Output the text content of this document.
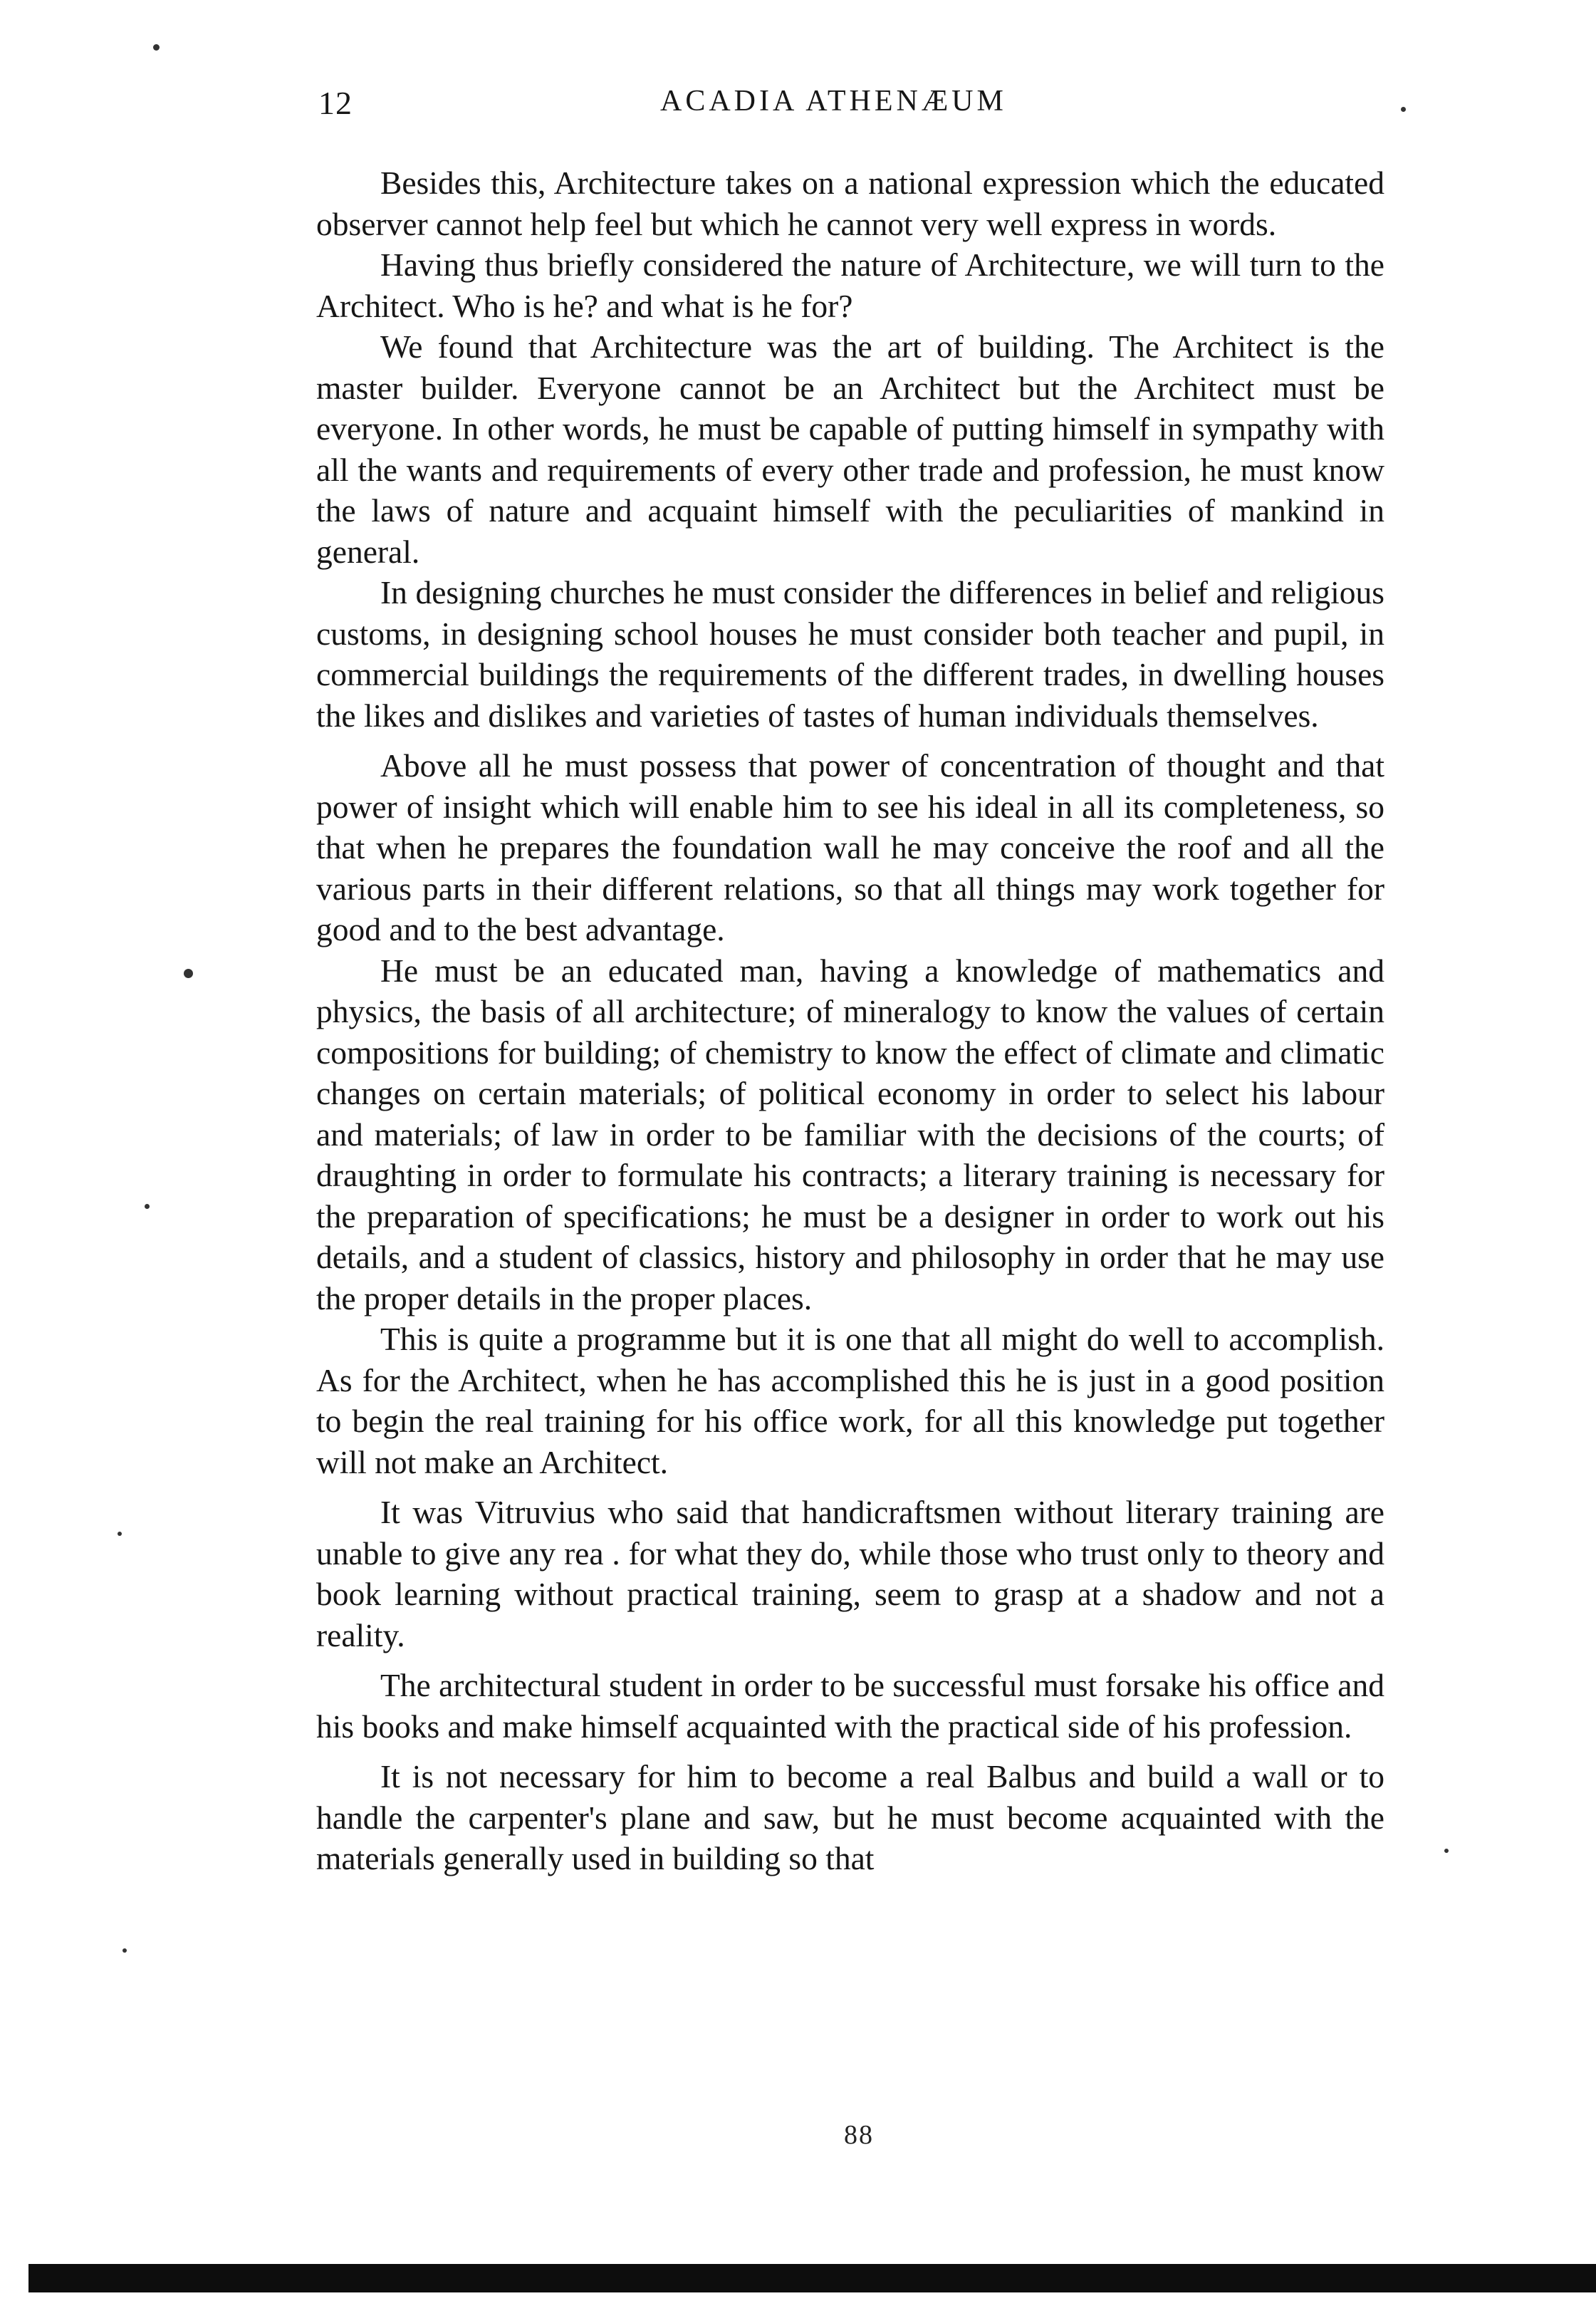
12	ACADIA ATHENÆUM

Besides this, Architecture takes on a national expression which the educated observer cannot help feel but which he cannot very well express in words.

Having thus briefly considered the nature of Architecture, we will turn to the Architect. Who is he? and what is he for?

We found that Architecture was the art of building. The Architect is the master builder. Everyone cannot be an Architect but the Architect must be everyone. In other words, he must be capable of putting himself in sympathy with all the wants and requirements of every other trade and profession, he must know the laws of nature and acquaint himself with the peculiarities of mankind in general.

In designing churches he must consider the differences in belief and religious customs, in designing school houses he must consider both teacher and pupil, in commercial buildings the requirements of the different trades, in dwelling houses the likes and dislikes and varieties of tastes of human individuals themselves.

Above all he must possess that power of concentration of thought and that power of insight which will enable him to see his ideal in all its completeness, so that when he prepares the foundation wall he may conceive the roof and all the various parts in their different relations, so that all things may work together for good and to the best advantage.

He must be an educated man, having a knowledge of mathematics and physics, the basis of all architecture; of mineralogy to know the values of certain compositions for building; of chemistry to know the effect of climate and climatic changes on certain materials; of political economy in order to select his labour and materials; of law in order to be familiar with the decisions of the courts; of draughting in order to formulate his contracts; a literary training is necessary for the preparation of specifications; he must be a designer in order to work out his details, and a student of classics, history and philosophy in order that he may use the proper details in the proper places.

This is quite a programme but it is one that all might do well to accomplish. As for the Architect, when he has accomplished this he is just in a good position to begin the real training for his office work, for all this knowledge put together will not make an Architect.

It was Vitruvius who said that handicraftsmen without literary training are unable to give any rea . for what they do, while those who trust only to theory and book learning without practical training, seem to grasp at a shadow and not a reality.

The architectural student in order to be successful must forsake his office and his books and make himself acquainted with the practical side of his profession.

It is not necessary for him to become a real Balbus and build a wall or to handle the carpenter's plane and saw, but he must become acquainted with the materials generally used in building so that

88
